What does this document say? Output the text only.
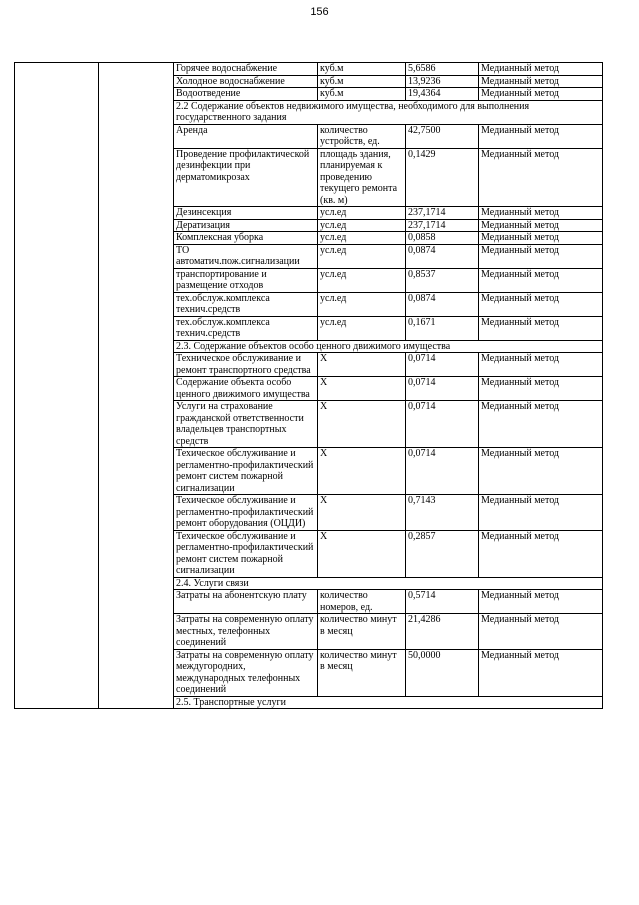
156
		Горячее водоснабжение	куб.м	5,6586	Медианный метод
		Холодное водоснабжение	куб.м	13,9236	Медианный метод
		Водоотведение	куб.м	19,4364	Медианный метод
		2.2 Содержание объектов недвижимого имущества, необходимого для выполнения государственного задания			
		Аренда	количество устройств, ед.	42,7500	Медианный метод
		Проведение профилактической дезинфекции при дерматомикрозах	площадь здания, планируемая к проведению текущего ремонта (кв. м)	0,1429	Медианный метод
		Дезинсекция	усл.ед	237,1714	Медианный метод
		Дератизация	усл.ед	237,1714	Медианный метод
		Комплексная уборка	усл.ед	0,0858	Медианный метод
		ТО автоматич.пож.сигнализации	усл.ед	0,0874	Медианный метод
		транспортирование и размещение отходов	усл.ед	0,8537	Медианный метод
		тех.обслуж.комплекса технич.средств	усл.ед	0,0874	Медианный метод
		тех.обслуж.комплекса технич.средств	усл.ед	0,1671	Медианный метод
		2.3. Содержание объектов особо ценного движимого имущества			
		Техническое обслуживание и ремонт транспортного средства	Х	0,0714	Медианный метод
		Содержание объекта особо ценного движимого имущества	Х	0,0714	Медианный метод
		Услуги на страхование гражданской ответственности владельцев транспортных средств	Х	0,0714	Медианный метод
		Техическое обслуживание и регламентно-профилактический ремонт систем пожарной сигнализации	Х	0,0714	Медианный метод
		Техическое обслуживание и регламентно-профилактический ремонт оборудования (ОЦДИ)	Х	0,7143	Медианный метод
		Техическое обслуживание и регламентно-профилактический ремонт систем пожарной сигнализации	Х	0,2857	Медианный метод
		2.4. Услуги связи			
		Затраты на абонентскую плату	количество номеров, ед.	0,5714	Медианный метод
		Затраты на современную оплату местных, телефонных соединений	количество минут в месяц	21,4286	Медианный метод
		Затраты на современную оплату междугородних, международных телефонных соединений	количество минут в месяц	50,0000	Медианный метод
		2.5. Транспортные услуги			
